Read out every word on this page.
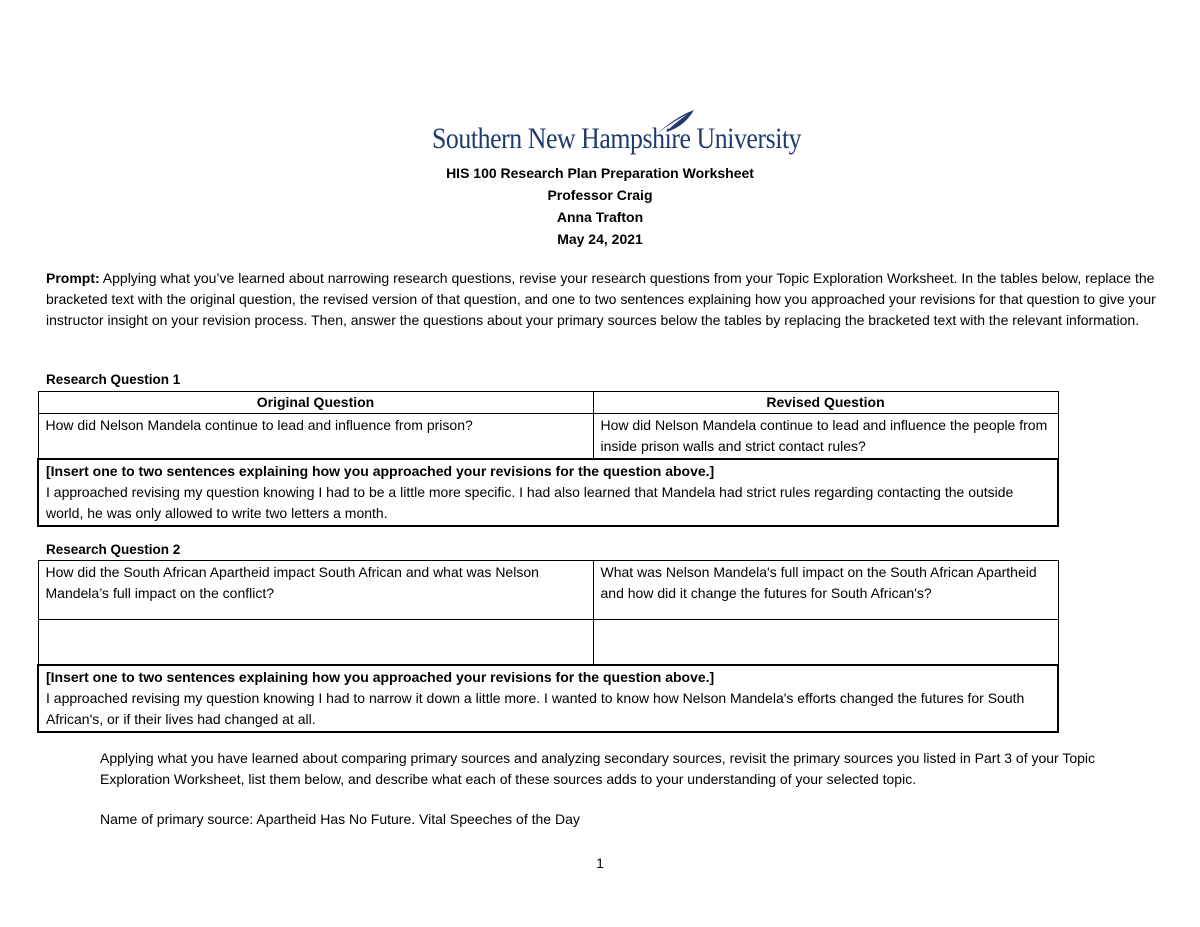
Southern New Hampshire University
HIS 100 Research Plan Preparation Worksheet
Professor Craig
Anna Trafton
May 24, 2021
Prompt: Applying what you’ve learned about narrowing research questions, revise your research questions from your Topic Exploration Worksheet. In the tables below, replace the bracketed text with the original question, the revised version of that question, and one to two sentences explaining how you approached your revisions for that question to give your instructor insight on your revision process. Then, answer the questions about your primary sources below the tables by replacing the bracketed text with the relevant information.
Research Question 1
Original Question	Revised Question
How did Nelson Mandela continue to lead and influence from prison?	How did Nelson Mandela continue to lead and influence the people from inside prison walls and strict contact rules?

[Insert one to two sentences explaining how you approached your revisions for the question above.]
I approached revising my question knowing I had to be a little more specific. I had also learned that Mandela had strict rules regarding contacting the outside world, he was only allowed to write two letters a month.	
Research Question 2
How did the South African Apartheid impact South African and what was Nelson Mandela’s full impact on the conflict?	What was Nelson Mandela's full impact on the South African Apartheid and how did it change the futures for South African's?

[Insert one to two sentences explaining how you approached your revisions for the question above.]
I approached revising my question knowing I had to narrow it down a little more. I wanted to know how Nelson Mandela's efforts changed the futures for South African's, or if their lives had changed at all.	
Applying what you have learned about comparing primary sources and analyzing secondary sources, revisit the primary sources you listed in Part 3 of your Topic Exploration Worksheet, list them below, and describe what each of these sources adds to your understanding of your selected topic.
Name of primary source: Apartheid Has No Future. Vital Speeches of the Day
1
